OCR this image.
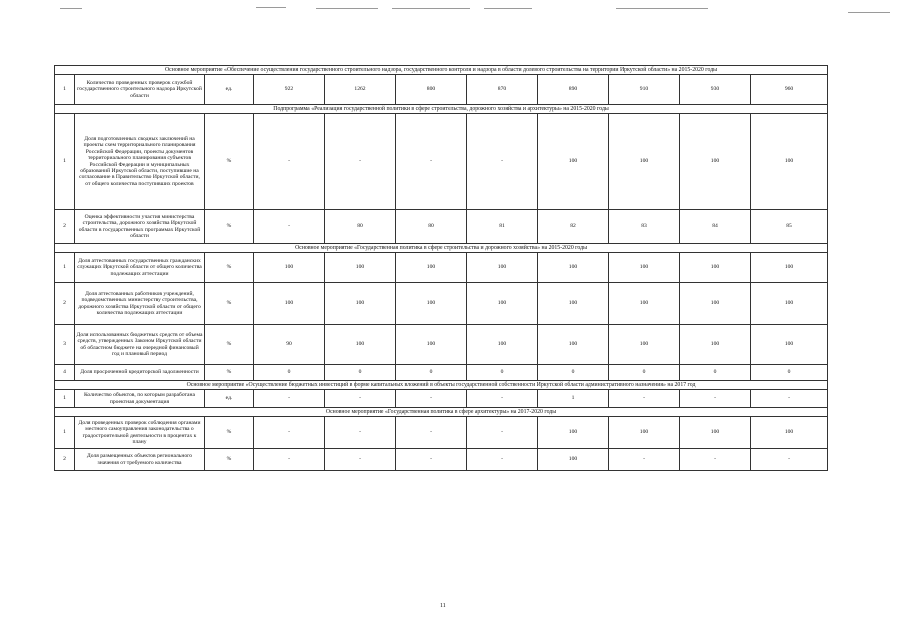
Основное мероприятие «Обеспечение осуществления государственного строительного надзора, государственного контроля и надзора в области долевого строительства на территории Иркутской области» на 2015-2020 годы										
1	Количество проведенных проверок службой государственного строительного надзора Иркутской области	ед.	922	1262	800	870	890	910	930	960
Подпрограмма «Реализация государственной политики в сфере строительства, дорожного хозяйства и архитектуры» на 2015-2020 годы										
1	Доля подготовленных сводных заключений на проекты схем территориального планирования Российской Федерации, проекты документов территориального планирования субъектов Российской Федерации и муниципальных образований Иркутской области, поступившие на согласование в Правительство Иркутской области, от общего количества поступивших проектов	%	-	-	-	-	100	100	100	100
2	Оценка эффективности участия министерства строительства, дорожного хозяйства Иркутской области в государственных программах Иркутской области	%	-	80	80	81	82	83	84	85
Основное мероприятие «Государственная политика в сфере строительства и дорожного хозяйства» на 2015-2020 годы										
1	Доля аттестованных государственных гражданских служащих Иркутской области от общего количества подлежащих аттестации	%	100	100	100	100	100	100	100	100
2	Доля аттестованных работников учреждений, подведомственных министерству строительства, дорожного хозяйства Иркутской области от общего количества подлежащих аттестации	%	100	100	100	100	100	100	100	100
3	Доля использованных бюджетных средств от объема средств, утвержденных Законом Иркутской области об областном бюджете на очередной финансовый год и плановый период	%	90	100	100	100	100	100	100	100
4	Доля просроченной кредиторской задолженности	%	0	0	0	0	0	0	0	0
Основное мероприятие «Осуществление бюджетных инвестиций в форме капитальных вложений в объекты государственной собственности Иркутской области административного назначения» на 2017 год										
1	Количество объектов, по которым разработана проектная документация	ед.	-	-	-	-	1	-	-	-
Основное мероприятие «Государственная политика в сфере архитектуры» на 2017-2020 годы										
1	Доля проведенных проверок соблюдения органами местного самоуправления законодательства о градостроительной деятельности в процентах к плану	%	-	-	-	-	100	100	100	100
2	Доля размещенных объектов регионального значения от требуемого количества	%	-	-	-	-	100	-	-	-
11
